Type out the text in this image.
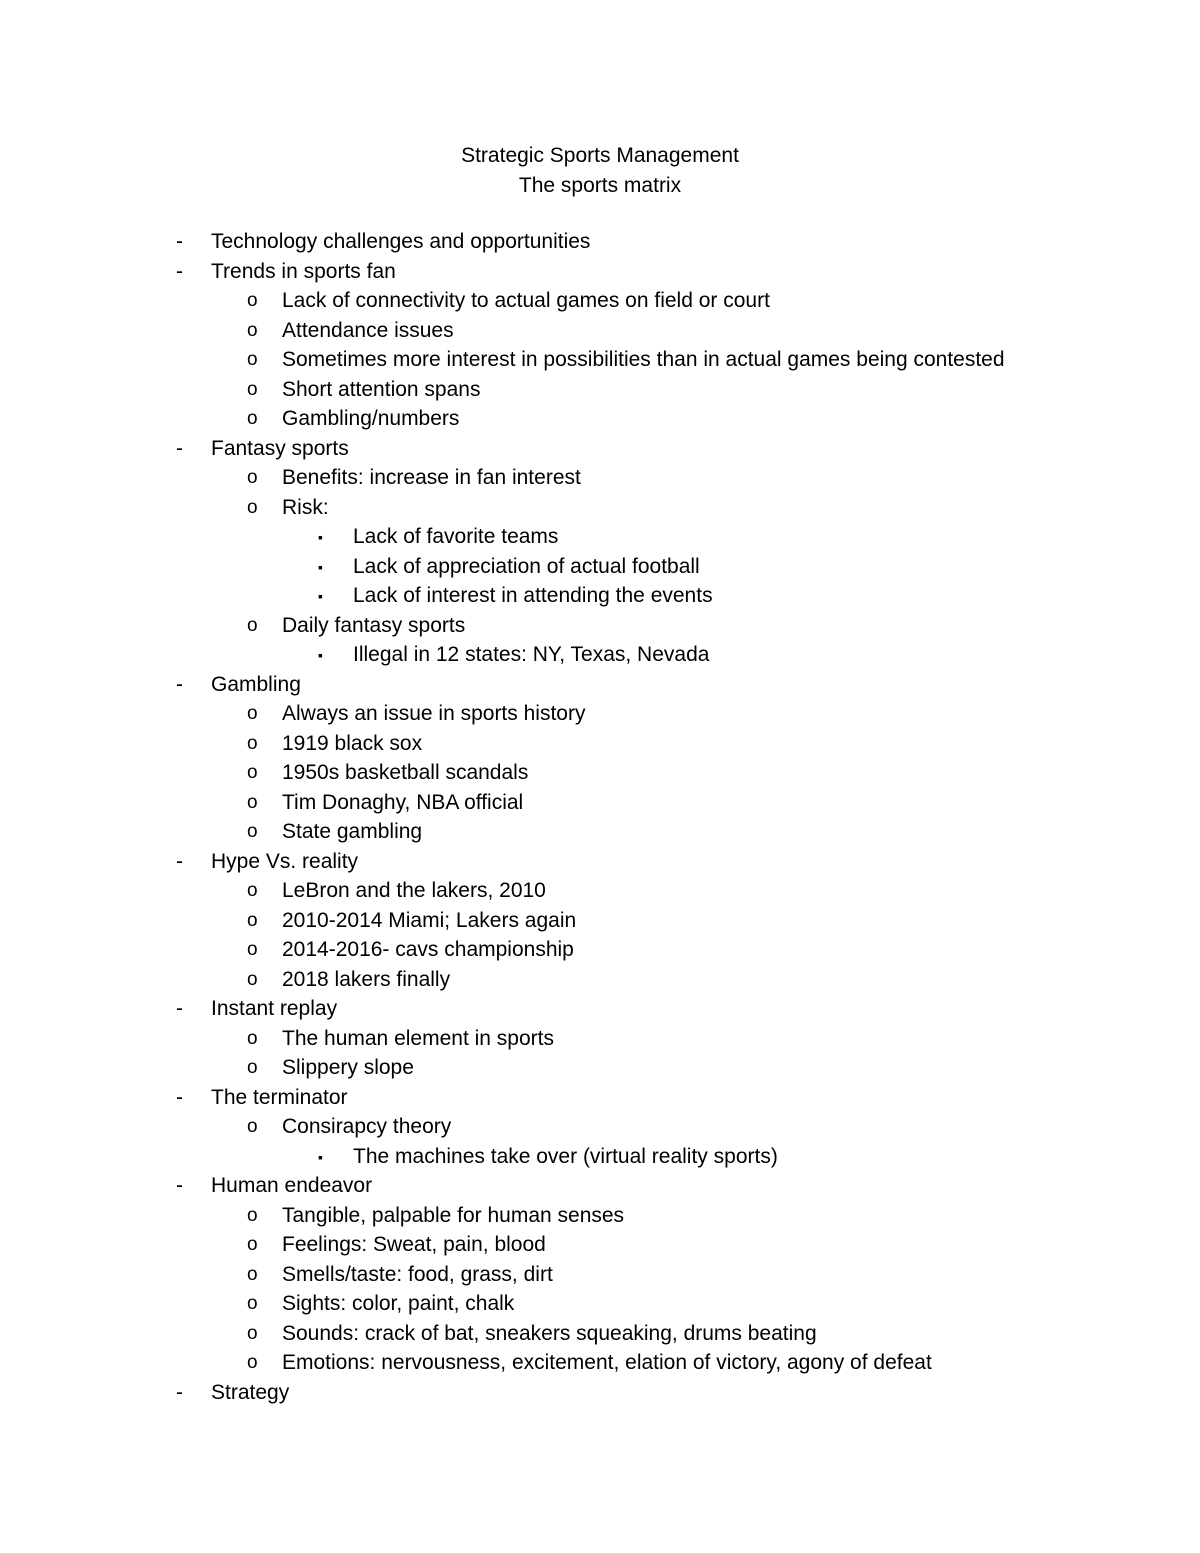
Strategic Sports Management
The sports matrix
- Technology challenges and opportunities
- Trends in sports fan
o Lack of connectivity to actual games on field or court
o Attendance issues
o Sometimes more interest in possibilities than in actual games being contested
o Short attention spans
o Gambling/numbers
- Fantasy sports
o Benefits: increase in fan interest
o Risk:
▪ Lack of favorite teams
▪ Lack of appreciation of actual football
▪ Lack of interest in attending the events
o Daily fantasy sports
▪ Illegal in 12 states: NY, Texas, Nevada
- Gambling
o Always an issue in sports history
o 1919 black sox
o 1950s basketball scandals
o Tim Donaghy, NBA official
o State gambling
- Hype Vs. reality
o LeBron and the lakers, 2010
o 2010-2014 Miami; Lakers again
o 2014-2016- cavs championship
o 2018 lakers finally
- Instant replay
o The human element in sports
o Slippery slope
- The terminator
o Consirapcy theory
▪ The machines take over (virtual reality sports)
- Human endeavor
o Tangible, palpable for human senses
o Feelings: Sweat, pain, blood
o Smells/taste: food, grass, dirt
o Sights: color, paint, chalk
o Sounds: crack of bat, sneakers squeaking, drums beating
o Emotions: nervousness, excitement, elation of victory, agony of defeat
- Strategy
